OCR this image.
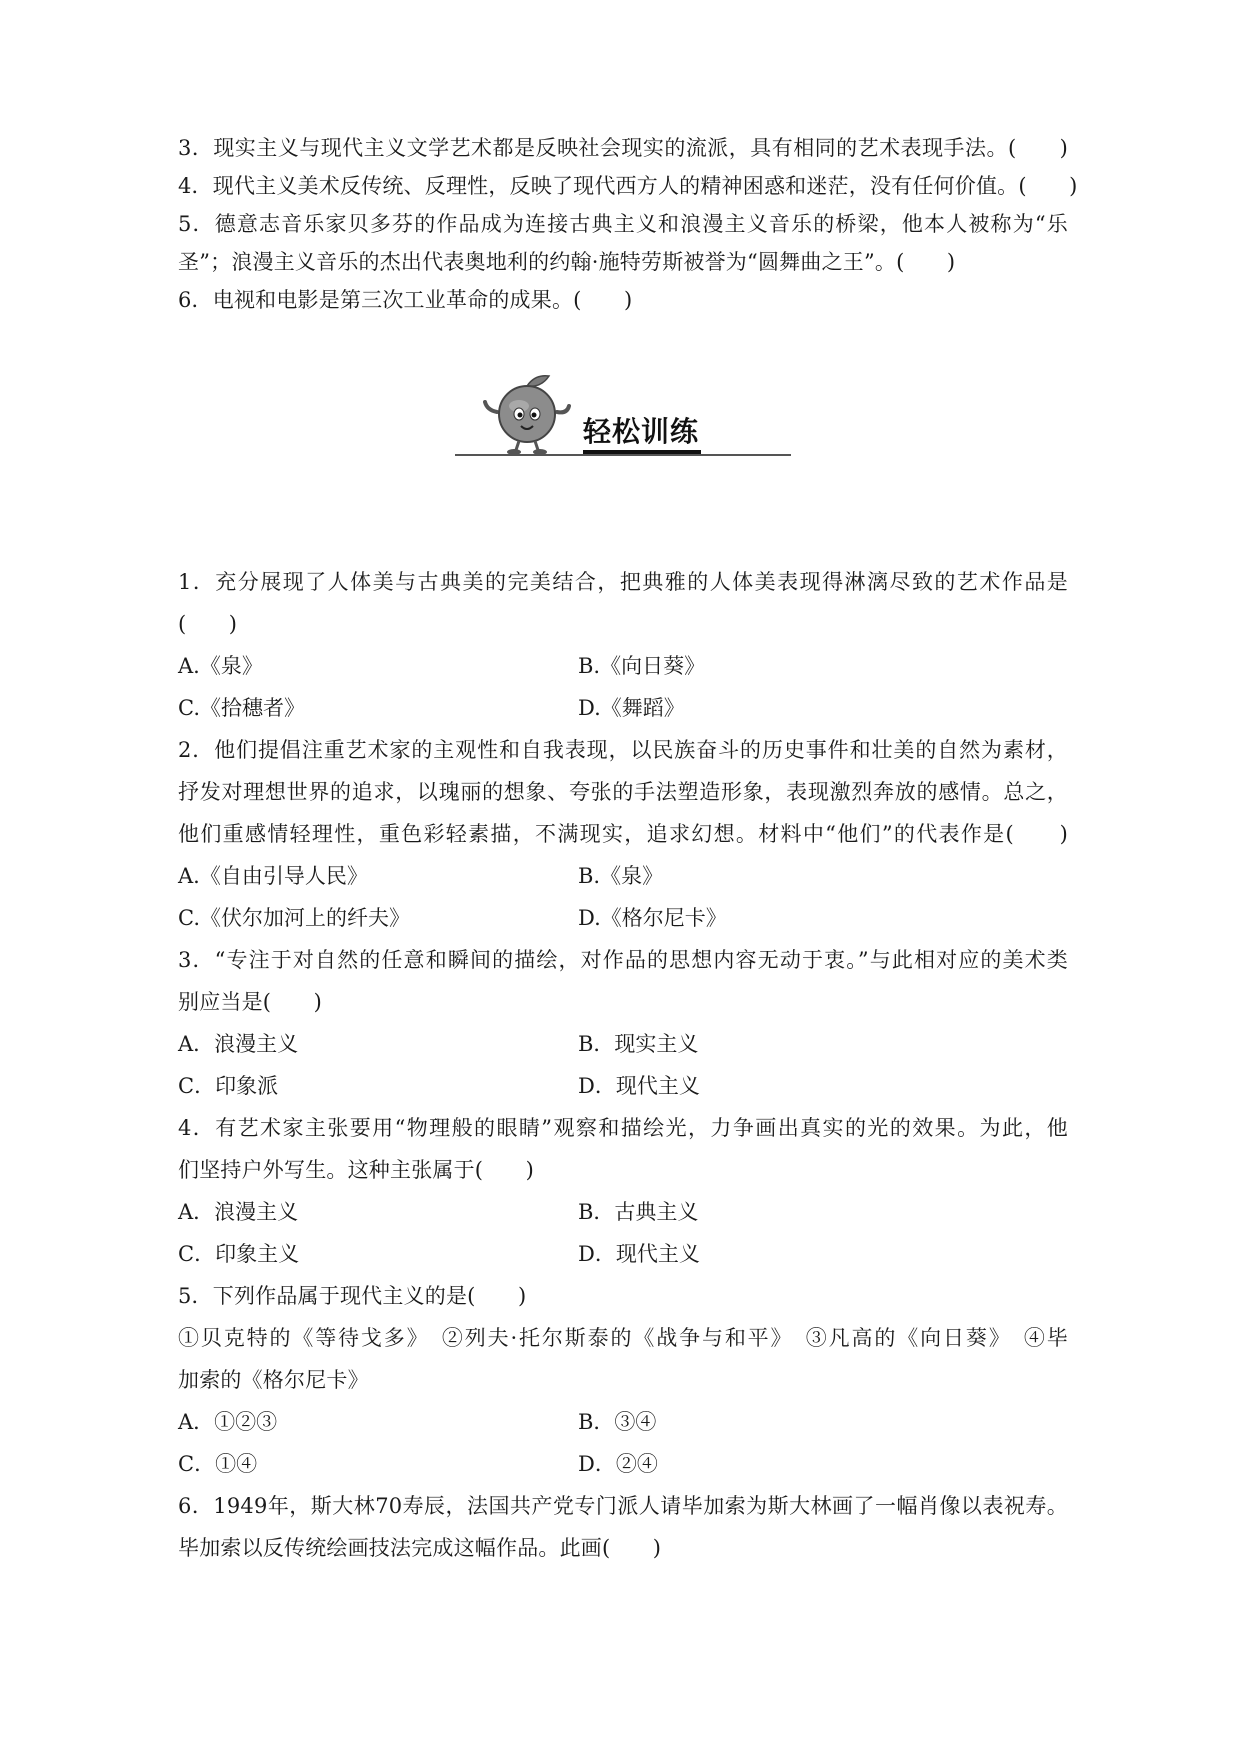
3．现实主义与现代主义文学艺术都是反映社会现实的流派，具有相同的艺术表现手法。(　　)
4．现代主义美术反传统、反理性，反映了现代西方人的精神困惑和迷茫，没有任何价值。(　　)
5．德意志音乐家贝多芬的作品成为连接古典主义和浪漫主义音乐的桥梁，他本人被称为“乐
圣”；浪漫主义音乐的杰出代表奥地利的约翰·施特劳斯被誉为“圆舞曲之王”。(　　)
6．电视和电影是第三次工业革命的成果。(　　)
轻松训练
1．充分展现了人体美与古典美的完美结合，把典雅的人体美表现得淋漓尽致的艺术作品是
(　　)
A.《泉》	B.《向日葵》
C.《拾穗者》	D.《舞蹈》
2．他们提倡注重艺术家的主观性和自我表现，以民族奋斗的历史事件和壮美的自然为素材，
抒发对理想世界的追求，以瑰丽的想象、夸张的手法塑造形象，表现激烈奔放的感情。总之，
他们重感情轻理性，重色彩轻素描，不满现实，追求幻想。材料中“他们”的代表作是(　　)
A.《自由引导人民》	B.《泉》
C.《伏尔加河上的纤夫》	D.《格尔尼卡》
3．“专注于对自然的任意和瞬间的描绘，对作品的思想内容无动于衷。”与此相对应的美术类
别应当是(　　)
A．浪漫主义	B．现实主义
C．印象派	D．现代主义
4．有艺术家主张要用“物理般的眼睛”观察和描绘光，力争画出真实的光的效果。为此，他
们坚持户外写生。这种主张属于(　　)
A．浪漫主义	B．古典主义
C．印象主义	D．现代主义
5．下列作品属于现代主义的是(　　)
①贝克特的《等待戈多》　②列夫·托尔斯泰的《战争与和平》　③凡高的《向日葵》　④毕
加索的《格尔尼卡》
A．①②③	B．③④
C．①④	D．②④
6．1949年，斯大林70寿辰，法国共产党专门派人请毕加索为斯大林画了一幅肖像以表祝寿。
毕加索以反传统绘画技法完成这幅作品。此画(　　)
